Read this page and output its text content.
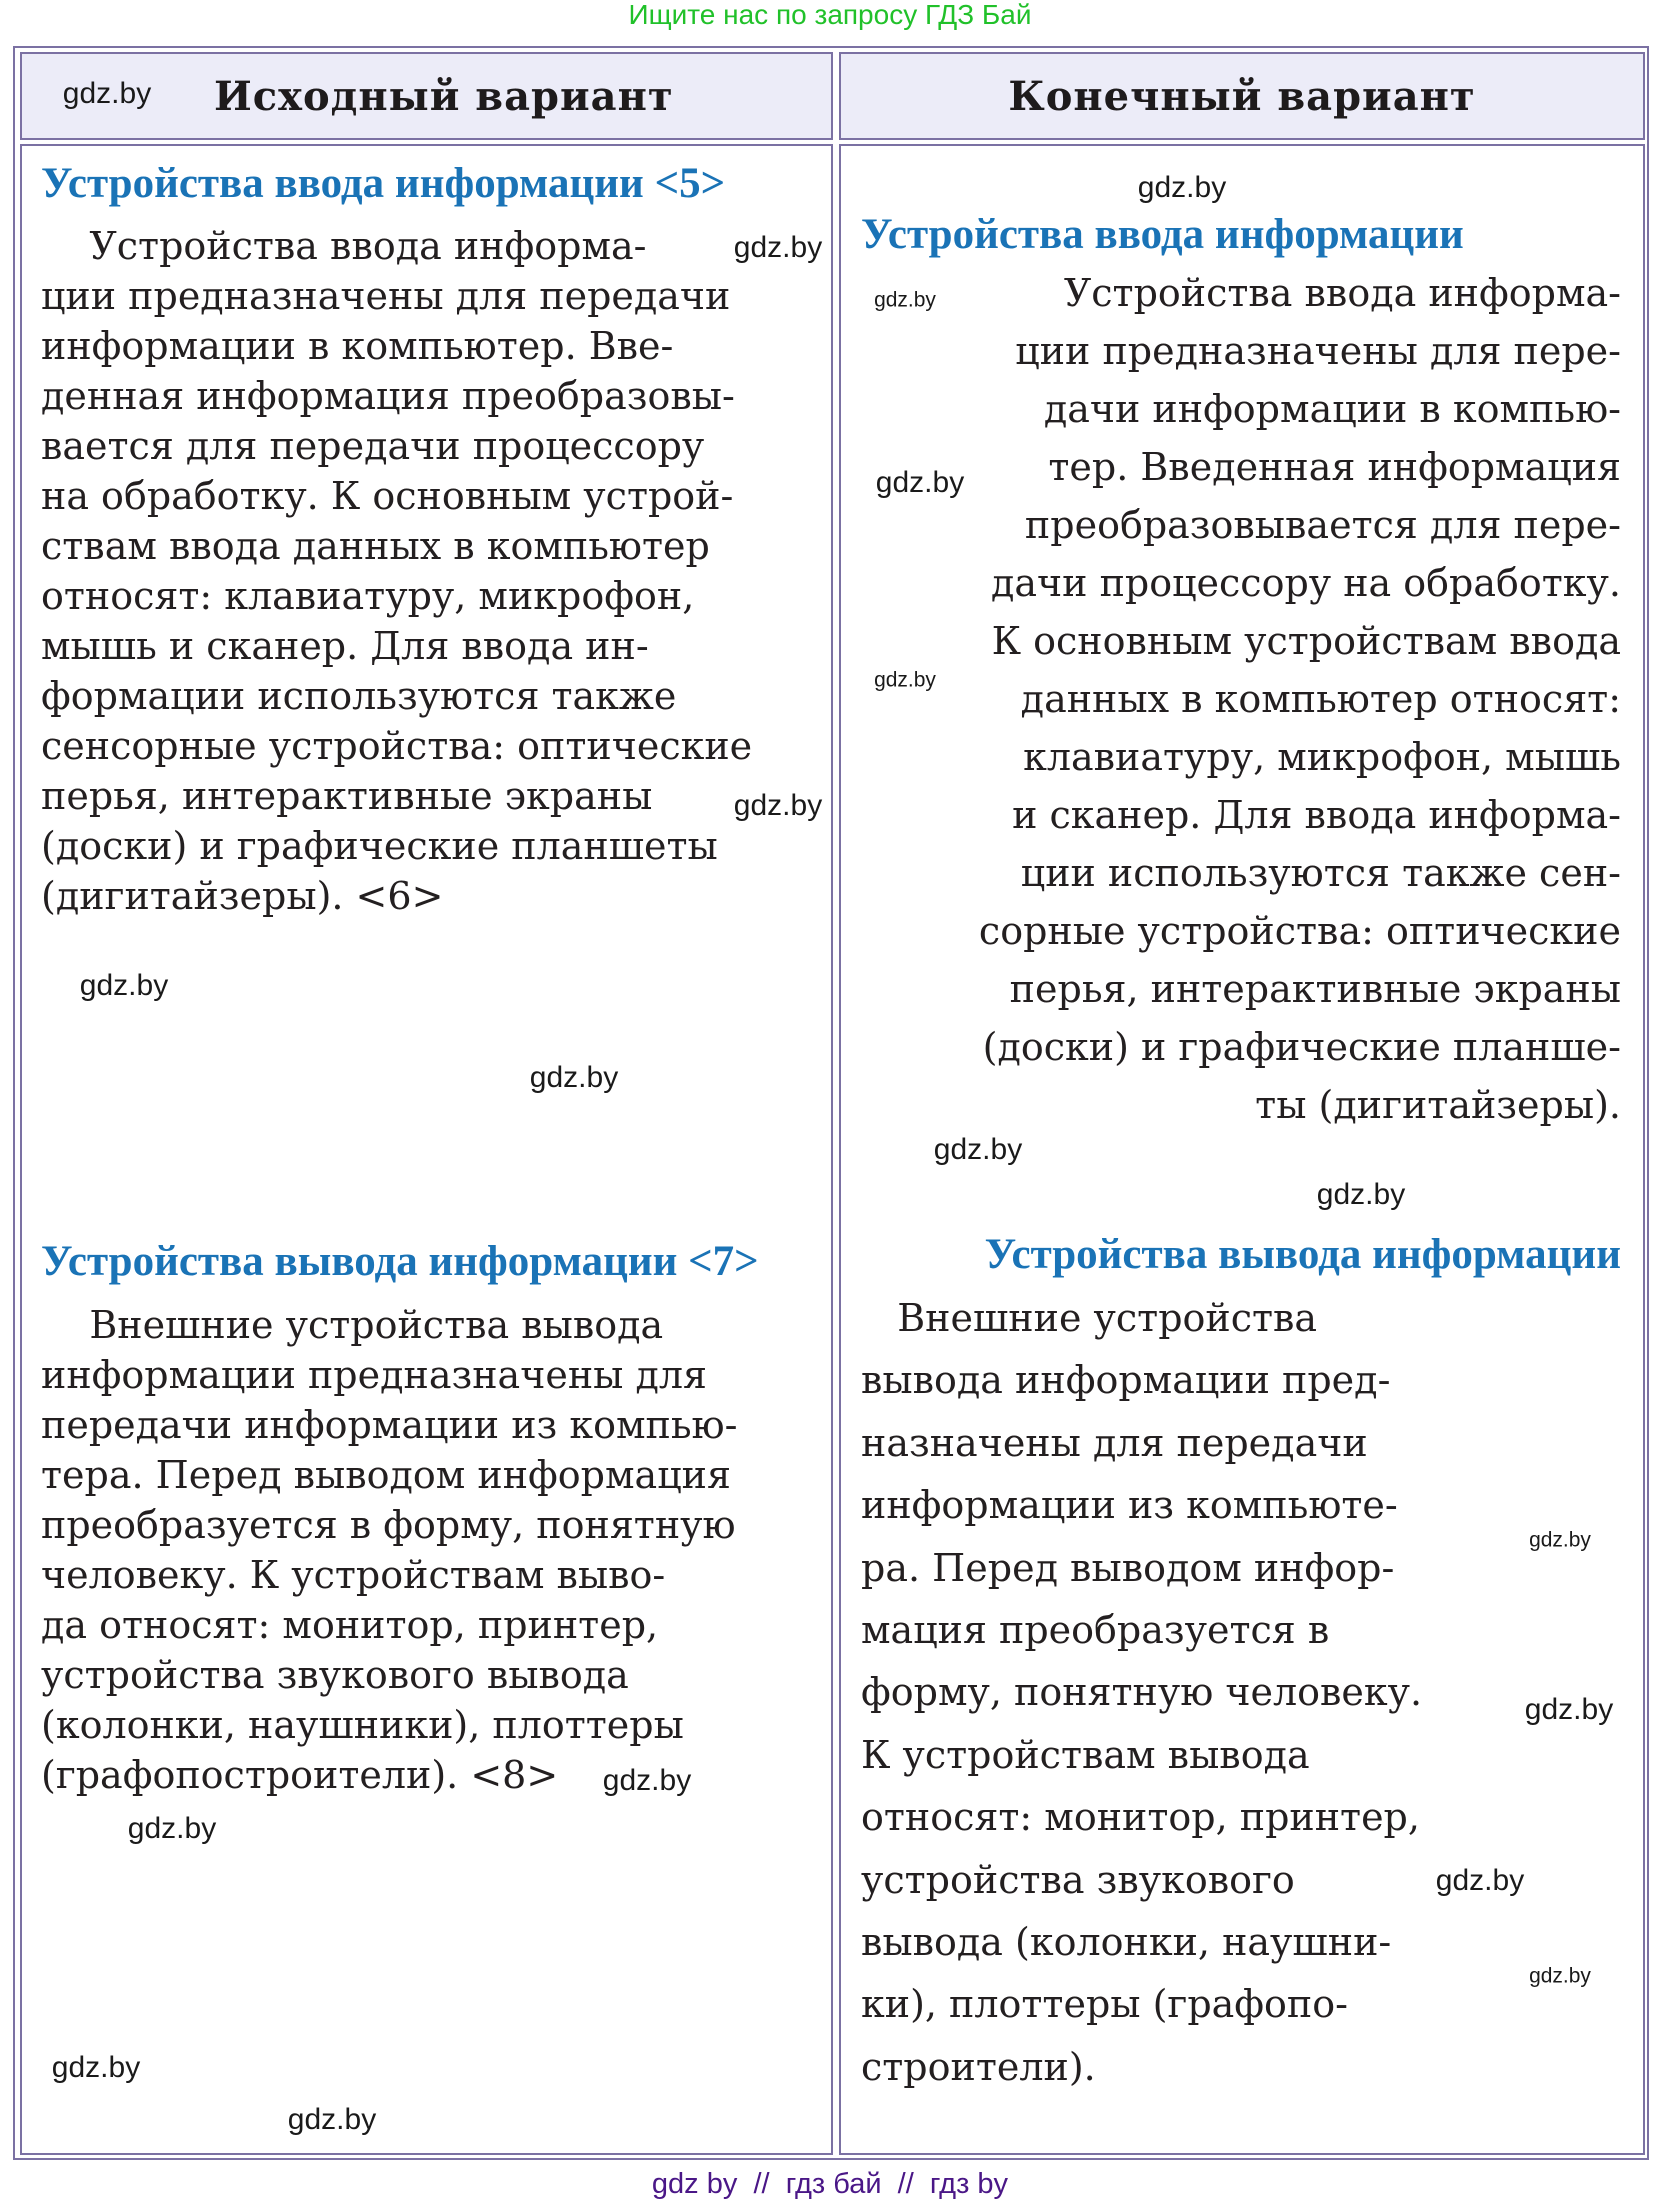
Ищите нас по запросу ГДЗ Бай
Исходный вариант	Конечный вариант
Устройства ввода информации <5>
Устройства ввода информа-
ции предназначены для передачи
информации в компьютер. Вве-
денная информация преобразовы-
вается для передачи процессору
на обработку. К основным устрой-
ствам ввода данных в компьютер
относят: клавиатуру, микрофон,
мышь и сканер. Для ввода ин-
формации используются также
сенсорные устройства: оптические
перья, интерактивные экраны
(доски) и графические планшеты
(дигитайзеры). <6>
Устройства вывода информации <7>
Внешние устройства вывода
информации предназначены для
передачи информации из компью-
тера. Перед выводом информация
преобразуется в форму, понятную
человеку. К устройствам выво-
да относят: монитор, принтер,
устройства звукового вывода
(колонки, наушники), плоттеры
(графопостроители). <8>
Устройства ввода информации
Устройства ввода информа-
ции предназначены для пере-
дачи информации в компью-
тер. Введенная информация
преобразовывается для пере-
дачи процессору на обработку.
К основным устройствам ввода
данных в компьютер относят:
клавиатуру, микрофон, мышь
и сканер. Для ввода информа-
ции используются также сен-
сорные устройства: оптические
перья, интерактивные экраны
(доски) и графические планше-
ты (дигитайзеры).
Устройства вывода информации
Внешние устройства
вывода информации пред-
назначены для передачи
информации из компьюте-
ра. Перед выводом инфор-
мация преобразуется в
форму, понятную человеку.
К устройствам вывода
относят: монитор, принтер,
устройства звукового
вывода (колонки, наушни-
ки), плоттеры (графопо-
строители).
gdz.by
gdz.by
gdz.by
gdz.by
gdz.by
gdz.by
gdz.by
gdz.by
gdz.by
gdz.by
gdz.by
gdz.by
gdz.by
gdz.by
gdz.by
gdz.by
gdz.by
gdz.by
gdz.by
gdz by  //  гдз бай  //  гдз by
